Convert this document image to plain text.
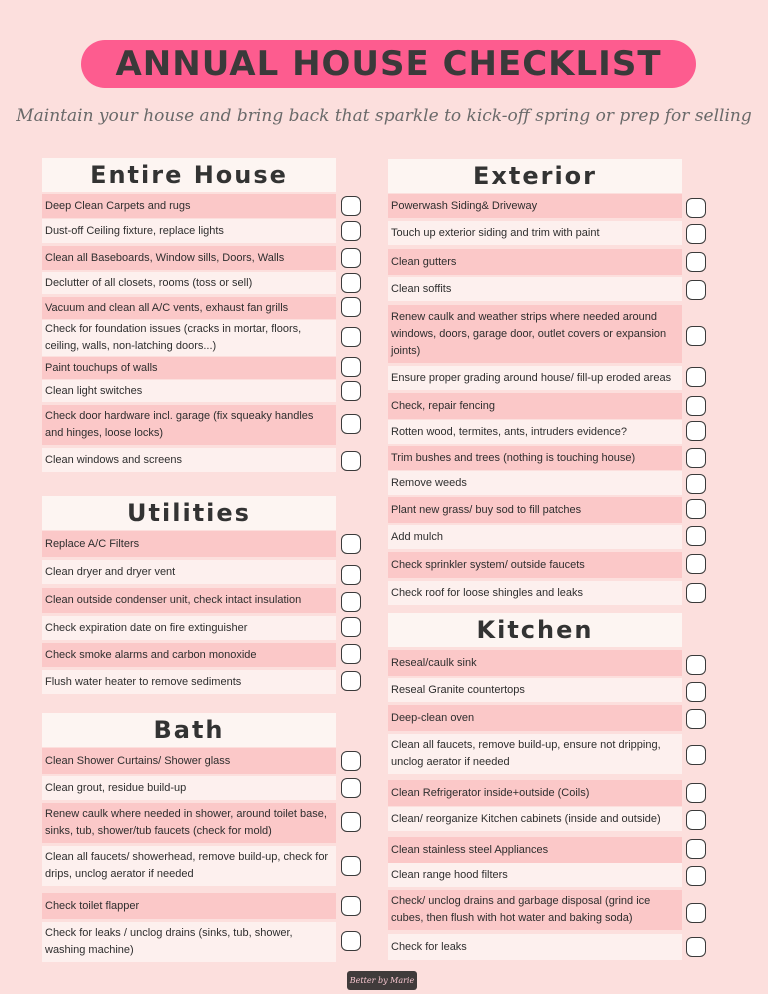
ANNUAL HOUSE CHECKLIST
Maintain your house and bring back that sparkle to kick-off spring or prep for selling
Entire House	Exterior
Utilities
Kitchen
Bath
Deep Clean Carpets and rugs
Dust-off Ceiling fixture, replace lights
Clean all Baseboards, Window sills, Doors, Walls
Declutter of all closets, rooms (toss or sell)
Vacuum and clean all A/C vents, exhaust fan grills
Check for foundation issues (cracks in mortar, floors, ceiling, walls, non-latching doors...)
Paint touchups of walls
Clean light switches
Check door hardware incl. garage (fix squeaky handles and hinges, loose locks)
Clean windows and screens
Replace A/C Filters
Clean dryer and dryer vent
Clean outside condenser unit, check intact insulation
Check expiration date on fire extinguisher
Check smoke alarms and carbon monoxide
Flush water heater to remove sediments
Clean Shower Curtains/ Shower glass
Clean grout, residue build-up
Renew caulk where needed in shower, around toilet base, sinks, tub, shower/tub faucets (check for mold)
Clean all faucets/ showerhead, remove build-up, check for drips, unclog aerator if needed
Check toilet flapper
Check for leaks / unclog drains (sinks, tub, shower, washing machine)
Powerwash Siding& Driveway
Touch up exterior siding and trim with paint
Clean gutters
Clean soffits
Renew caulk and weather strips where needed around windows, doors, garage door, outlet covers or expansion joints)
Ensure proper grading around house/ fill-up eroded areas
Check, repair fencing
Rotten wood, termites, ants, intruders evidence?
Trim bushes and trees (nothing is touching house)
Remove weeds
Plant new grass/ buy sod to fill patches
Add mulch
Check sprinkler system/ outside faucets
Check roof for loose shingles and leaks
Reseal/caulk sink
Reseal Granite countertops
Deep-clean oven
Clean all faucets, remove build-up, ensure not dripping, unclog aerator if needed
Clean Refrigerator inside+outside (Coils)
Clean/ reorganize Kitchen cabinets (inside and outside)
Clean stainless steel Appliances
Clean range hood filters
Check/ unclog drains and garbage disposal (grind ice cubes, then flush with hot water and baking soda)
Check for leaks
Better by Marie
